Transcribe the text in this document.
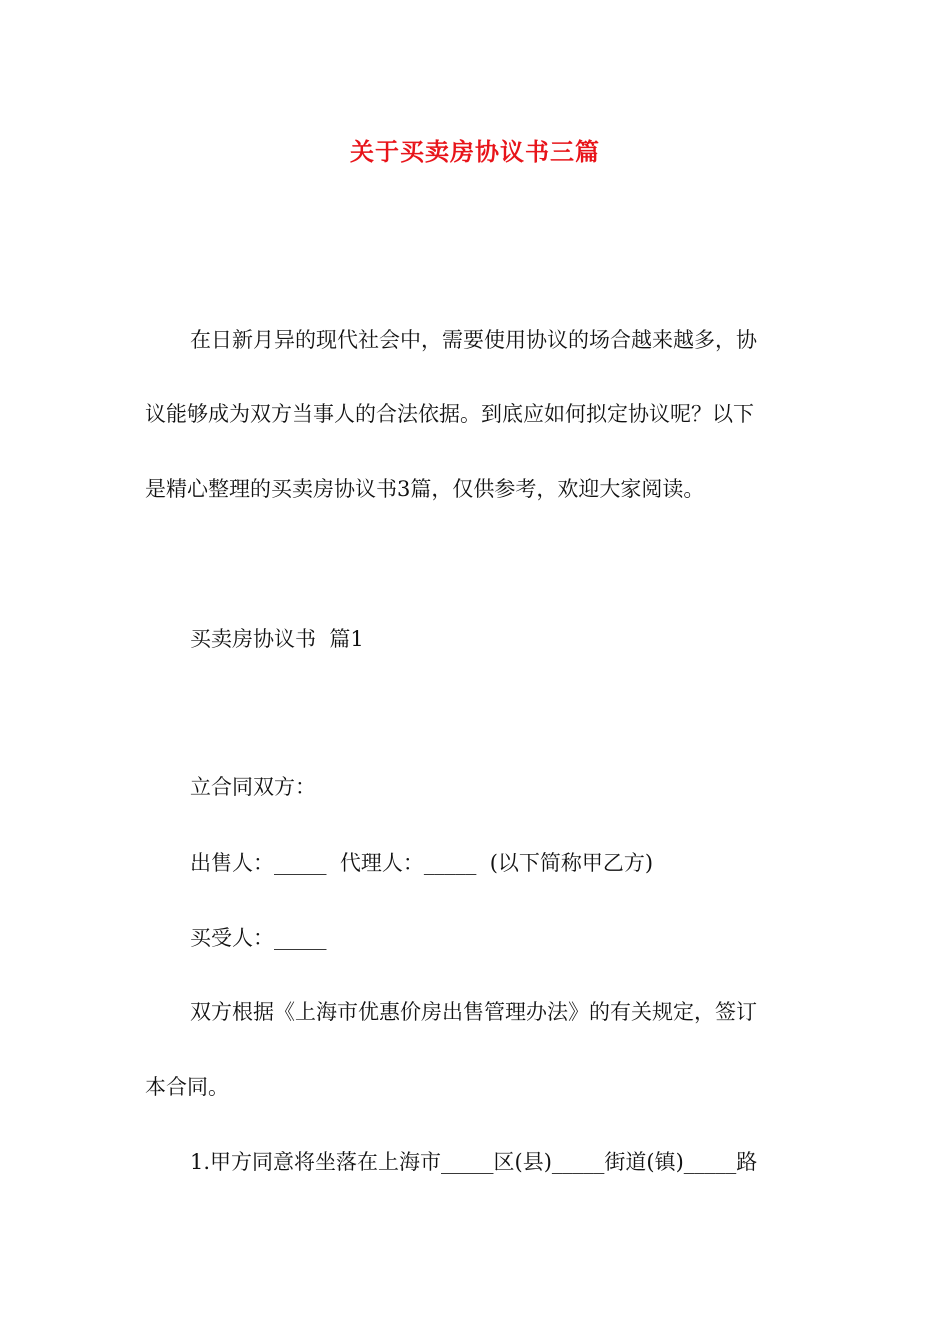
关于买卖房协议书三篇
在日新月异的现代社会中，需要使用协议的场合越来越多，协
议能够成为双方当事人的合法依据。到底应如何拟定协议呢？以下
是精心整理的买卖房协议书3篇，仅供参考，欢迎大家阅读。
买卖房协议书  篇1
立合同双方：
出售人：_____  代理人：_____  (以下简称甲乙方)
买受人：_____
双方根据《上海市优惠价房出售管理办法》的有关规定，签订
本合同。
1.甲方同意将坐落在上海市_____区(县)_____街道(镇)_____路
